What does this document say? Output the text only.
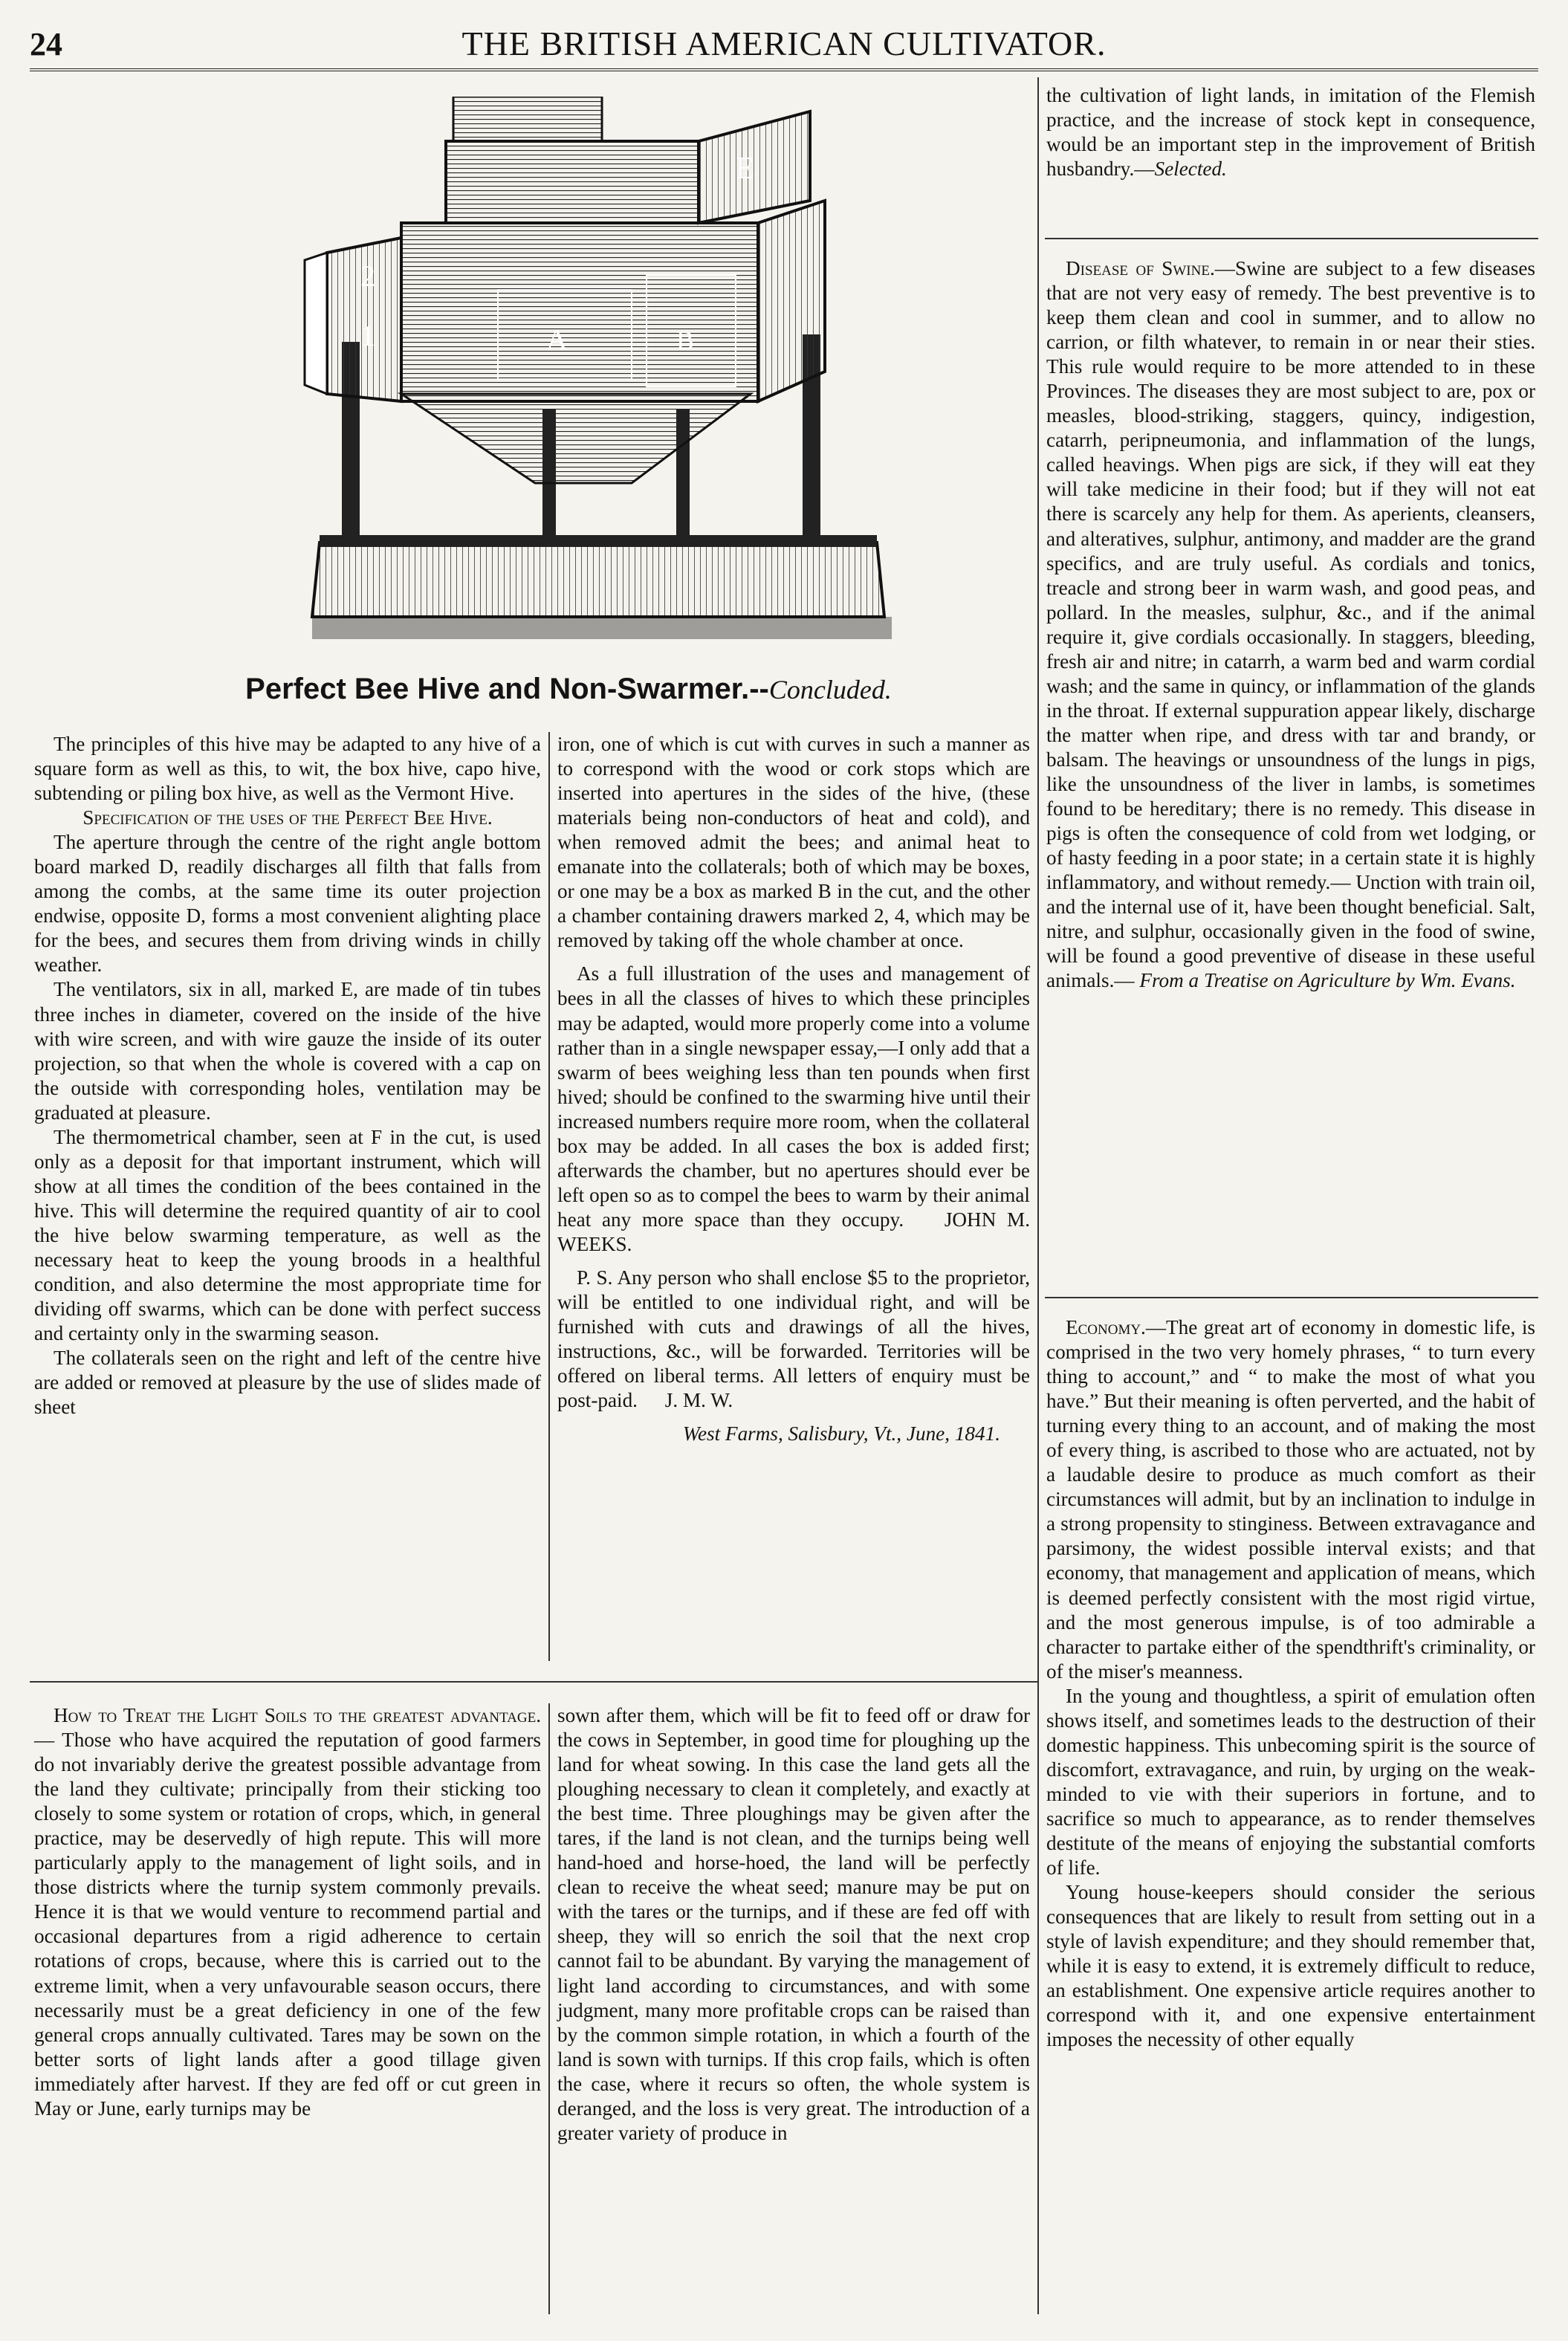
24	THE BRITISH AMERICAN CULTIVATOR.
E
2
1	A	B
Perfect Bee Hive and Non-Swarmer.--Concluded.

The principles of this hive may be adapted to any hive of a square form as well as this, to wit, the box hive, capo hive, subtending or piling box hive, as well as the Vermont Hive.

Specification of the uses of the Perfect Bee Hive.

The aperture through the centre of the right angle bottom board marked D, readily discharges all filth that falls from among the combs, at the same time its outer projection endwise, opposite D, forms a most convenient alighting place for the bees, and secures them from driving winds in chilly weather.

The ventilators, six in all, marked E, are made of tin tubes three inches in diameter, covered on the inside of the hive with wire screen, and with wire gauze the inside of its outer projection, so that when the whole is covered with a cap on the outside with corresponding holes, ventilation may be graduated at pleasure.

The thermometrical chamber, seen at F in the cut, is used only as a deposit for that important instrument, which will show at all times the condition of the bees contained in the hive. This will determine the required quantity of air to cool the hive below swarming temperature, as well as the necessary heat to keep the young broods in a healthful condition, and also determine the most appropriate time for dividing off swarms, which can be done with perfect success and certainty only in the swarming season.

The collaterals seen on the right and left of the centre hive are added or removed at pleasure by the use of slides made of sheet

iron, one of which is cut with curves in such a manner as to correspond with the wood or cork stops which are inserted into apertures in the sides of the hive, (these materials being non-conductors of heat and cold), and when removed admit the bees; and animal heat to emanate into the collaterals; both of which may be boxes, or one may be a box as marked B in the cut, and the other a chamber containing drawers marked 2, 4, which may be removed by taking off the whole chamber at once.

As a full illustration of the uses and management of bees in all the classes of hives to which these principles may be adapted, would more properly come into a volume rather than in a single newspaper essay,—I only add that a swarm of bees weighing less than ten pounds when first hived; should be confined to the swarming hive until their increased numbers require more room, when the collateral box may be added. In all cases the box is added first; afterwards the chamber, but no apertures should ever be left open so as to compel the bees to warm by their animal heat any more space than they occupy. JOHN M. WEEKS.

P. S. Any person who shall enclose $5 to the proprietor, will be entitled to one individual right, and will be furnished with cuts and drawings of all the hives, instructions, &c., will be forwarded. Territories will be offered on liberal terms. All letters of enquiry must be post-paid. J. M. W.

West Farms, Salisbury, Vt., June, 1841.

How to Treat the Light Soils to the greatest advantage. — Those who have acquired the reputation of good farmers do not invariably derive the greatest possible advantage from the land they cultivate; principally from their sticking too closely to some system or rotation of crops, which, in general practice, may be deservedly of high repute. This will more particularly apply to the management of light soils, and in those districts where the turnip system commonly prevails. Hence it is that we would venture to recommend partial and occasional departures from a rigid adherence to certain rotations of crops, because, where this is carried out to the extreme limit, when a very unfavourable season occurs, there necessarily must be a great deficiency in one of the few general crops annually cultivated. Tares may be sown on the better sorts of light lands after a good tillage given immediately after harvest. If they are fed off or cut green in May or June, early turnips may be

sown after them, which will be fit to feed off or draw for the cows in September, in good time for ploughing up the land for wheat sowing. In this case the land gets all the ploughing necessary to clean it completely, and exactly at the best time. Three ploughings may be given after the tares, if the land is not clean, and the turnips being well hand-hoed and horse-hoed, the land will be perfectly clean to receive the wheat seed; manure may be put on with the tares or the turnips, and if these are fed off with sheep, they will so enrich the soil that the next crop cannot fail to be abundant. By varying the management of light land according to circumstances, and with some judgment, many more profitable crops can be raised than by the common simple rotation, in which a fourth of the land is sown with turnips. If this crop fails, which is often the case, where it recurs so often, the whole system is deranged, and the loss is very great. The introduction of a greater variety of produce in

the cultivation of light lands, in imitation of the Flemish practice, and the increase of stock kept in consequence, would be an important step in the improvement of British husbandry.—Selected.

Disease of Swine.—Swine are subject to a few diseases that are not very easy of remedy. The best preventive is to keep them clean and cool in summer, and to allow no carrion, or filth whatever, to remain in or near their sties. This rule would require to be more attended to in these Provinces. The diseases they are most subject to are, pox or measles, blood-striking, staggers, quincy, indigestion, catarrh, peripneumonia, and inflammation of the lungs, called heavings. When pigs are sick, if they will eat they will take medicine in their food; but if they will not eat there is scarcely any help for them. As aperients, cleansers, and alteratives, sulphur, antimony, and madder are the grand specifics, and are truly useful. As cordials and tonics, treacle and strong beer in warm wash, and good peas, and pollard. In the measles, sulphur, &c., and if the animal require it, give cordials occasionally. In staggers, bleeding, fresh air and nitre; in catarrh, a warm bed and warm cordial wash; and the same in quincy, or inflammation of the glands in the throat. If external suppuration appear likely, discharge the matter when ripe, and dress with tar and brandy, or balsam. The heavings or unsoundness of the lungs in pigs, like the unsoundness of the liver in lambs, is sometimes found to be hereditary; there is no remedy. This disease in pigs is often the consequence of cold from wet lodging, or of hasty feeding in a poor state; in a certain state it is highly inflammatory, and without remedy.— Unction with train oil, and the internal use of it, have been thought beneficial. Salt, nitre, and sulphur, occasionally given in the food of swine, will be found a good preventive of disease in these useful animals.— From a Treatise on Agriculture by Wm. Evans.

Economy.—The great art of economy in domestic life, is comprised in the two very homely phrases, “ to turn every thing to account,” and “ to make the most of what you have.” But their meaning is often perverted, and the habit of turning every thing to an account, and of making the most of every thing, is ascribed to those who are actuated, not by a laudable desire to produce as much comfort as their circumstances will admit, but by an inclination to indulge in a strong propensity to stinginess. Between extravagance and parsimony, the widest possible interval exists; and that economy, that management and application of means, which is deemed perfectly consistent with the most rigid virtue, and the most generous impulse, is of too admirable a character to partake either of the spendthrift's criminality, or of the miser's meanness.

In the young and thoughtless, a spirit of emulation often shows itself, and sometimes leads to the destruction of their domestic happiness. This unbecoming spirit is the source of discomfort, extravagance, and ruin, by urging on the weak-minded to vie with their superiors in fortune, and to sacrifice so much to appearance, as to render themselves destitute of the means of enjoying the substantial comforts of life.

Young house-keepers should consider the serious consequences that are likely to result from setting out in a style of lavish expenditure; and they should remember that, while it is easy to extend, it is extremely difficult to reduce, an establishment. One expensive article requires another to correspond with it, and one expensive entertainment imposes the necessity of other equally
